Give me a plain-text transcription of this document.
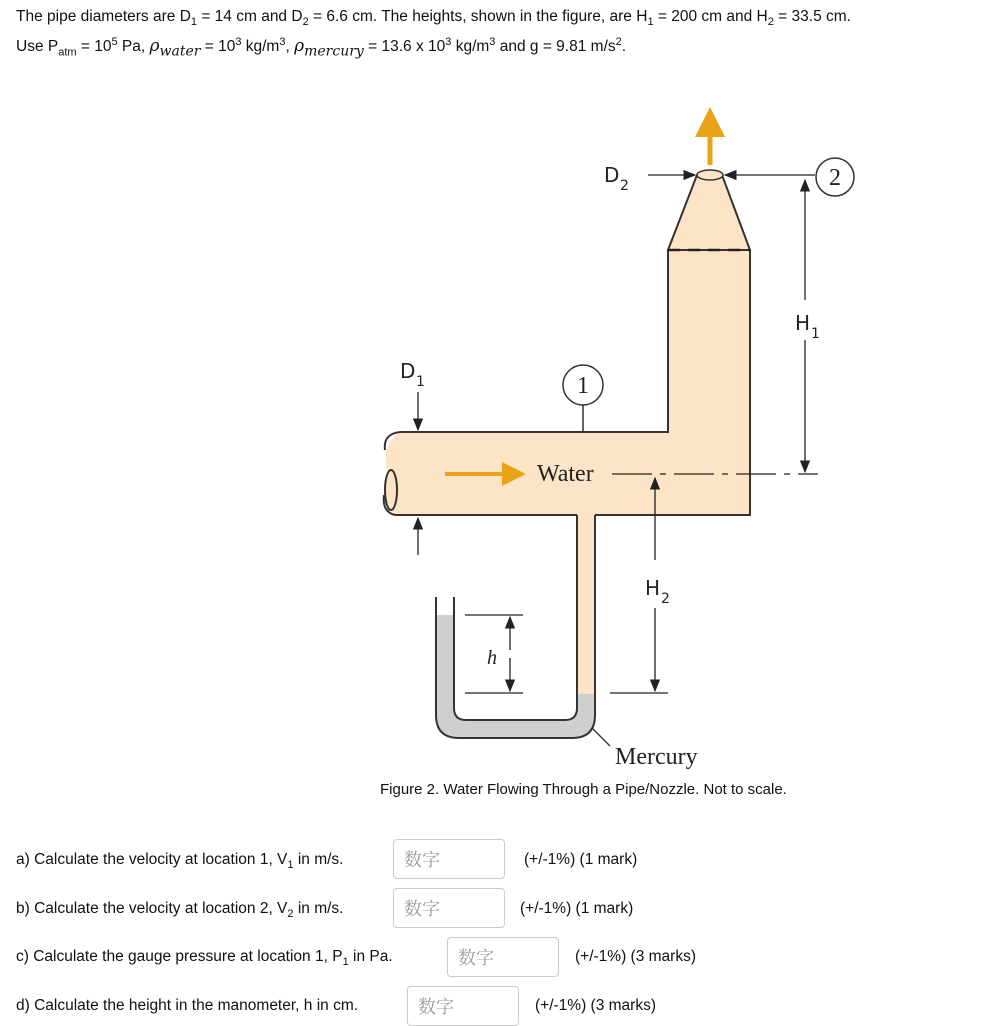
The pipe diameters are $D_1 = 14$ cm and $D_2 = 6.6$ cm. The heights, shown in the figure, are $H_1 = 200$ cm and $H_2 = 33.5$ cm.
Use $P_{atm} = 10^5$ Pa, $\rho_{water} = 10^3$ $kg/m^3$, $\rho_{mercury} = 13.6$ x $10^3$ $kg/m^3$ and g = 9.81 $m/s^2$.
D 2	2
H 1
D 1	1
Water
H 2
h
Mercury
Figure 2. Water Flowing Through a Pipe/Nozzle. Not to scale.
a) Calculate the velocity at location 1, $V_1$ in m/s.	数字	(+/-1%) (1 mark)
b) Calculate the velocity at location 2, $V_2$ in m/s.	数字	(+/-1%) (1 mark)
c) Calculate the gauge pressure at location 1, $P_1$ in Pa.	数字	(+/-1%) (3 marks)
d) Calculate the height in the manometer, h in cm.	数字	(+/-1%) (3 marks)
